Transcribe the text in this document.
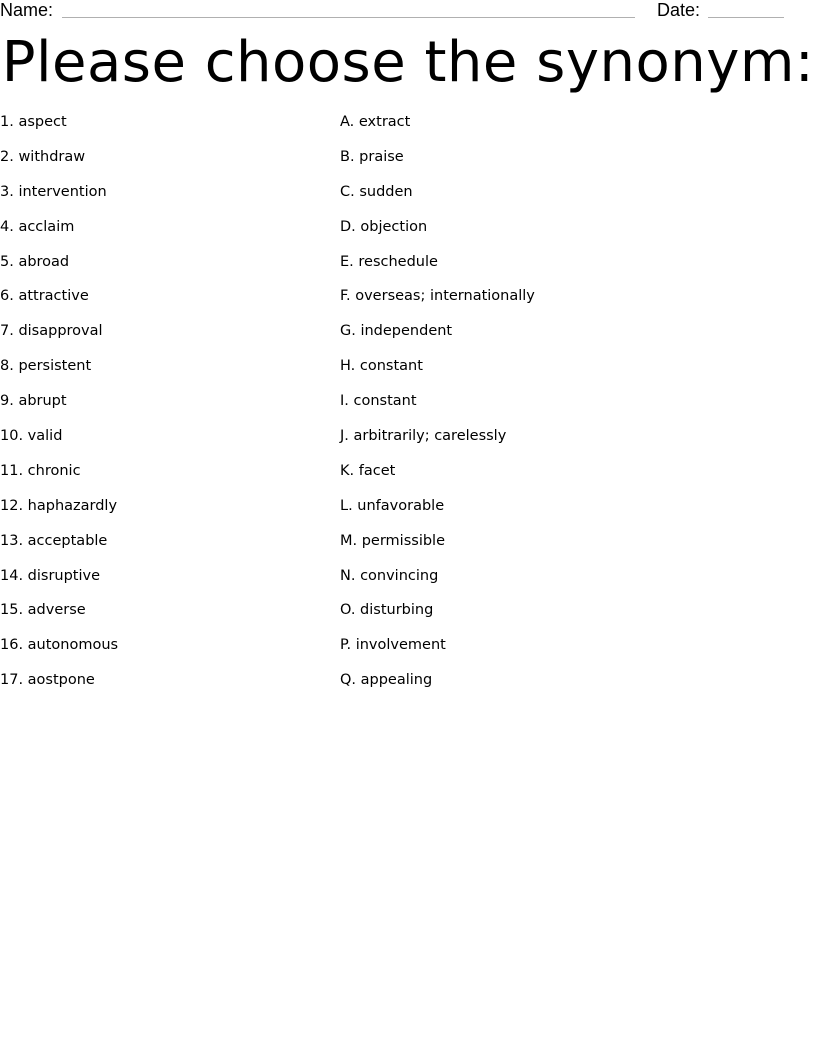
Name:	Date:
Please choose the synonym:
1. aspect
2. withdraw
3. intervention
4. acclaim
5. abroad
6. attractive
7. disapproval
8. persistent
9. abrupt
10. valid
11. chronic
12. haphazardly
13. acceptable
14. disruptive
15. adverse
16. autonomous
17. aostpone
A. extract
B. praise
C. sudden
D. objection
E. reschedule
F. overseas; internationally
G. independent
H. constant
I. constant
J. arbitrarily; carelessly
K. facet
L. unfavorable
M. permissible
N. convincing
O. disturbing
P. involvement
Q. appealing
